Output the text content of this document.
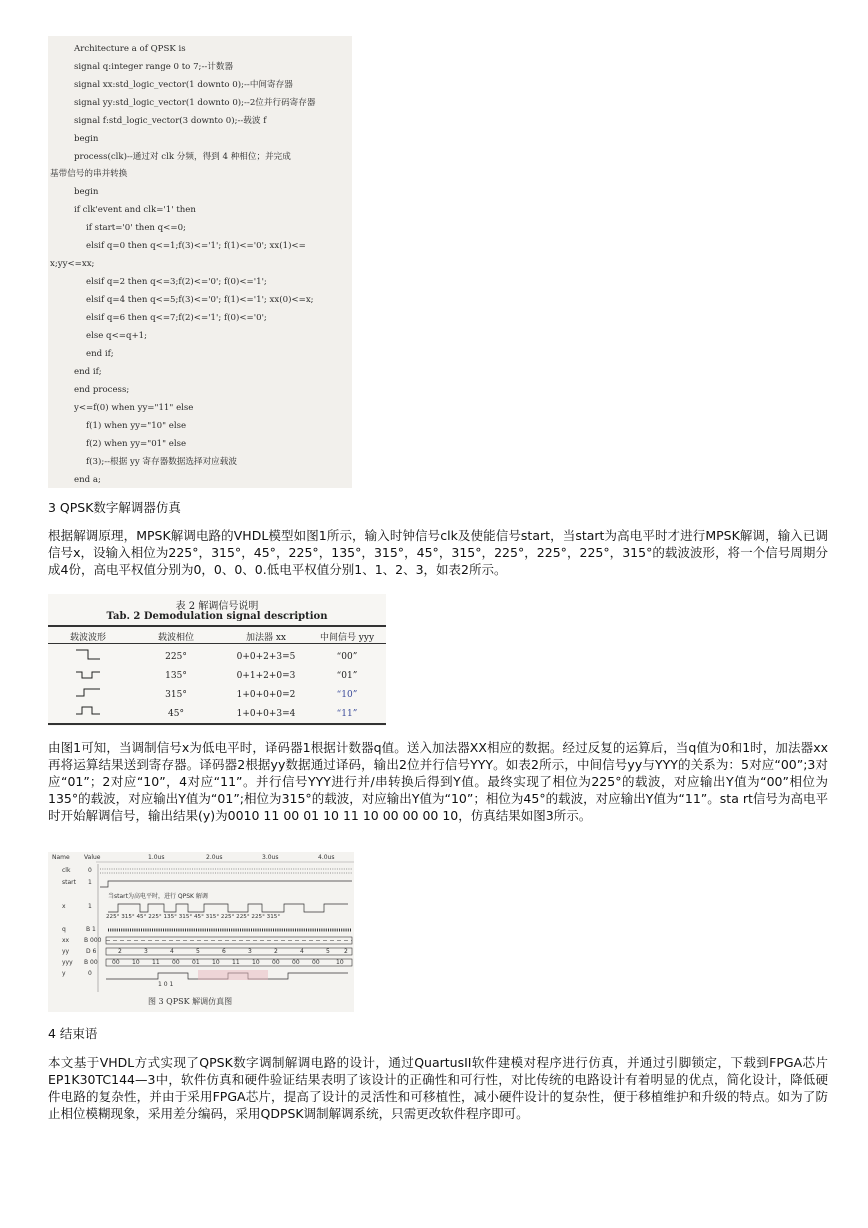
Architecture a of QPSK is
signal q:integer range 0 to 7;--计数器
signal xx:std_logic_vector(1 downto 0);--中间寄存器
signal yy:std_logic_vector(1 downto 0);--2位并行码寄存器
signal f:std_logic_vector(3 downto 0);--载波 f
begin
process(clk)--通过对 clk 分频，得到 4 种相位；并完成
基带信号的串并转换
begin
if clk'event and clk='1' then
if start='0' then q<=0;
elsif q=0 then q<=1;f(3)<='1'; f(1)<='0'; xx(1)<=
x;yy<=xx;
elsif q=2 then q<=3;f(2)<='0'; f(0)<='1';
elsif q=4 then q<=5;f(3)<='0'; f(1)<='1'; xx(0)<=x;
elsif q=6 then q<=7;f(2)<='1'; f(0)<='0';
else q<=q+1;
end if;
end if;
end process;
y<=f(0) when yy="11" else
f(1) when yy="10" else
f(2) when yy="01" else
f(3);--根据 yy 寄存器数据选择对应载波
end a;
3 QPSK数字解调器仿真
根据解调原理，MPSK解调电路的VHDL模型如图1所示，输入时钟信号clk及使能信号start，当start为高电平时才进行MPSK解调，输入已调信号x，设输入相位为225°，315°，45°，225°，135°，315°，45°，315°，225°，225°，225°，315°的载波波形，将一个信号周期分成4份，高电平权值分别为0，0、0、0.低电平权值分别1、1、2、3，如表2所示。
表 2 解调信号说明
Tab. 2 Demodulation signal description
载波波形	载波相位	加法器 xx	中间信号 yyy
225°	0+0+2+3=5	“00”
135°	0+1+2+0=3	“01”
315°	1+0+0+0=2	“10”
45°	1+0+0+3=4	“11”
由图1可知，当调制信号x为低电平时，译码器1根据计数器q值。送入加法器XX相应的数据。经过反复的运算后，当q值为0和1时，加法器xx再将运算结果送到寄存器。译码器2根据yy数据通过译码，输出2位并行信号YYY。如表2所示，中间信号yy与YYY的关系为：5对应“00”;3对应“01”；2对应“10”，4对应“11”。并行信号YYY进行并/串转换后得到Y值。最终实现了相位为225°的载波，对应输出Y值为“00”相位为135°的载波，对应输出Y值为“01”;相位为315°的载波，对应输出Y值为“10”；相位为45°的载波，对应输出Y值为“11”。sta rt信号为高电平时开始解调信号，输出结果(y)为0010 11 00 01 10 11 10 00 00 00 10，仿真结果如图3所示。
Name Value	1.0us	2.0us	3.0us	4.0us
clk	0
start 1
x	1
q	B 1
xx B 000
yy	D 6
yyy B 00
y	0
当start为高电平时，进行 QPSK 解调
225° 315° 45° 225° 135° 315° 45° 315° 225° 225° 225° 315°
2	3	4	5	6	3	2	4	5 2
00 10 11 00 01 10 11 10 00 00 00	10
1 0 1
图 3 QPSK 解调仿真图
4 结束语
本文基于VHDL方式实现了QPSK数字调制解调电路的设计，通过QuartusII软件建模对程序进行仿真，并通过引脚锁定，下载到FPGA芯片EP1K30TC144—3中，软件仿真和硬件验证结果表明了该设计的正确性和可行性，对比传统的电路设计有着明显的优点，简化设计，降低硬件电路的复杂性，并由于采用FPGA芯片，提高了设计的灵活性和可移植性，减小硬件设计的复杂性，便于移植维护和升级的特点。如为了防止相位模糊现象，采用差分编码，采用QDPSK调制解调系统，只需更改软件程序即可。
